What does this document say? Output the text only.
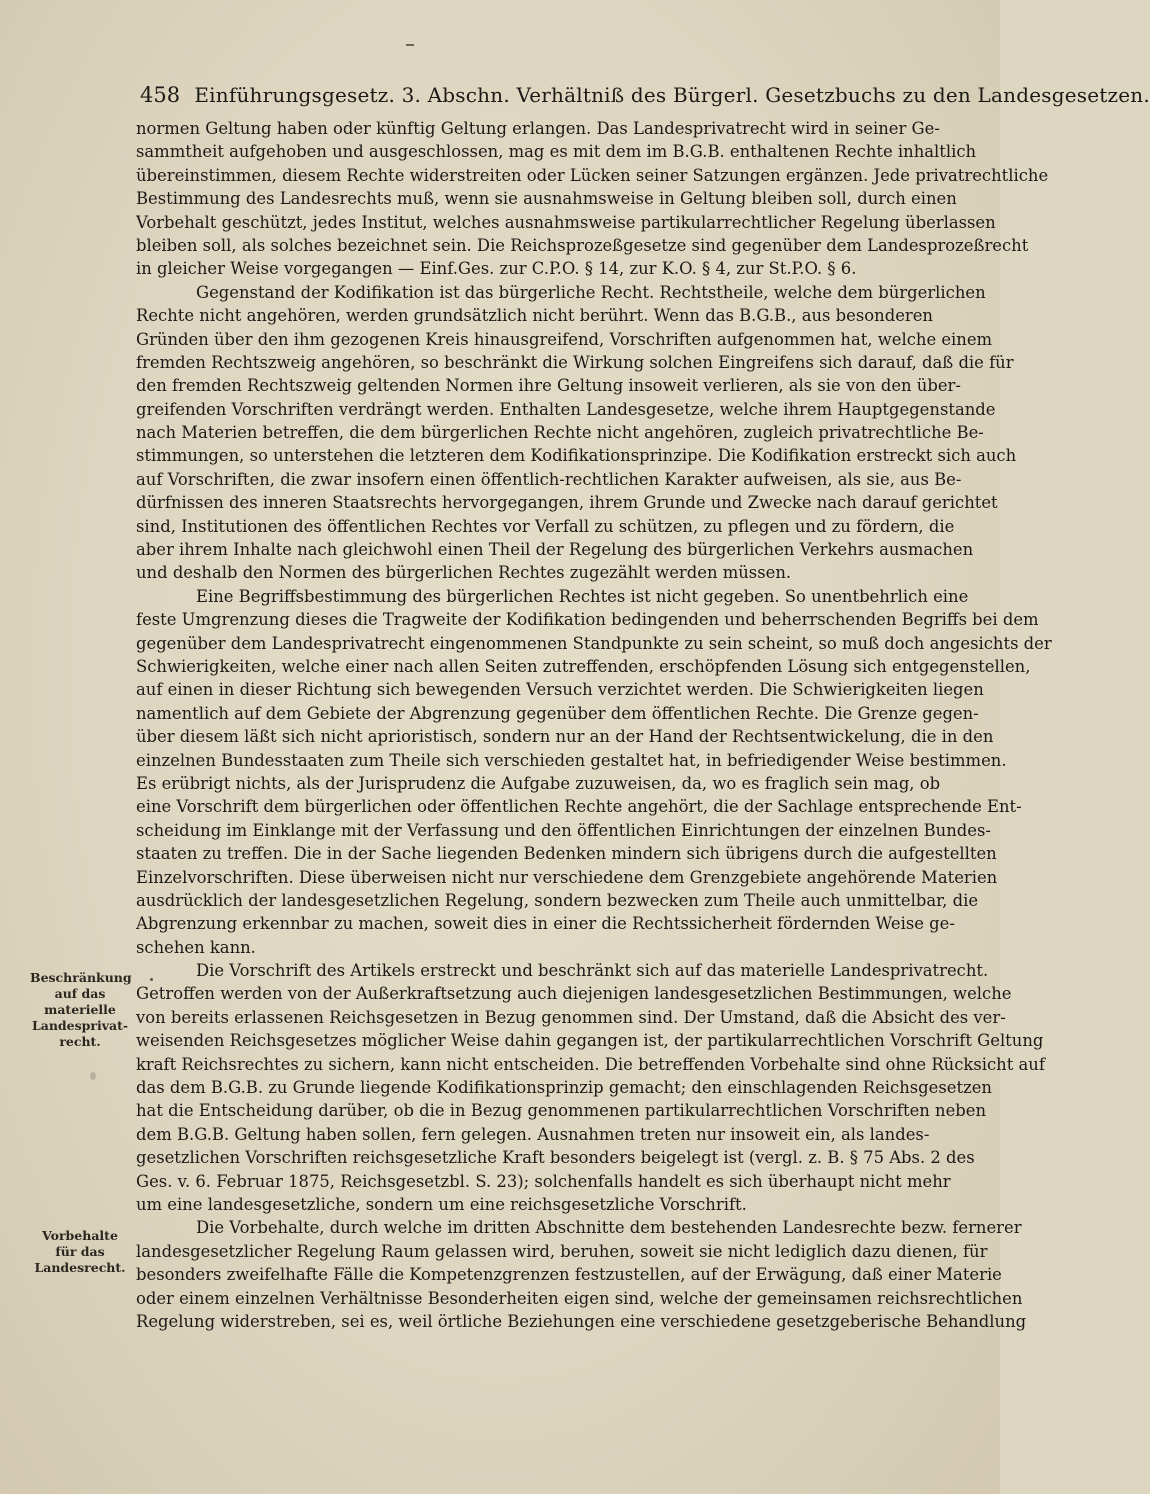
458 Einführungsgesetz. 3. Abschn. Verhältniß des Bürgerl. Gesetzbuchs zu den Landesgesetzen.
normen Geltung haben oder künftig Geltung erlangen. Das Landesprivatrecht wird in seiner Ge-
sammtheit aufgehoben und ausgeschlossen, mag es mit dem im B.G.B. enthaltenen Rechte inhaltlich
übereinstimmen, diesem Rechte widerstreiten oder Lücken seiner Satzungen ergänzen. Jede privatrechtliche
Bestimmung des Landesrechts muß, wenn sie ausnahmsweise in Geltung bleiben soll, durch einen
Vorbehalt geschützt, jedes Institut, welches ausnahmsweise partikularrechtlicher Regelung überlassen
bleiben soll, als solches bezeichnet sein. Die Reichsprozeßgesetze sind gegenüber dem Landesprozeßrecht
in gleicher Weise vorgegangen — Einf.Ges. zur C.P.O. § 14, zur K.O. § 4, zur St.P.O. § 6.
Gegenstand der Kodifikation ist das bürgerliche Recht. Rechtstheile, welche dem bürgerlichen
Rechte nicht angehören, werden grundsätzlich nicht berührt. Wenn das B.G.B., aus besonderen
Gründen über den ihm gezogenen Kreis hinausgreifend, Vorschriften aufgenommen hat, welche einem
fremden Rechtszweig angehören, so beschränkt die Wirkung solchen Eingreifens sich darauf, daß die für
den fremden Rechtszweig geltenden Normen ihre Geltung insoweit verlieren, als sie von den über-
greifenden Vorschriften verdrängt werden. Enthalten Landesgesetze, welche ihrem Hauptgegenstande
nach Materien betreffen, die dem bürgerlichen Rechte nicht angehören, zugleich privatrechtliche Be-
stimmungen, so unterstehen die letzteren dem Kodifikationsprinzipe. Die Kodifikation erstreckt sich auch
auf Vorschriften, die zwar insofern einen öffentlich-rechtlichen Karakter aufweisen, als sie, aus Be-
dürfnissen des inneren Staatsrechts hervorgegangen, ihrem Grunde und Zwecke nach darauf gerichtet
sind, Institutionen des öffentlichen Rechtes vor Verfall zu schützen, zu pflegen und zu fördern, die
aber ihrem Inhalte nach gleichwohl einen Theil der Regelung des bürgerlichen Verkehrs ausmachen
und deshalb den Normen des bürgerlichen Rechtes zugezählt werden müssen.
Eine Begriffsbestimmung des bürgerlichen Rechtes ist nicht gegeben. So unentbehrlich eine
feste Umgrenzung dieses die Tragweite der Kodifikation bedingenden und beherrschenden Begriffs bei dem
gegenüber dem Landesprivatrecht eingenommenen Standpunkte zu sein scheint, so muß doch angesichts der
Schwierigkeiten, welche einer nach allen Seiten zutreffenden, erschöpfenden Lösung sich entgegenstellen,
auf einen in dieser Richtung sich bewegenden Versuch verzichtet werden. Die Schwierigkeiten liegen
namentlich auf dem Gebiete der Abgrenzung gegenüber dem öffentlichen Rechte. Die Grenze gegen-
über diesem läßt sich nicht aprioristisch, sondern nur an der Hand der Rechtsentwickelung, die in den
einzelnen Bundesstaaten zum Theile sich verschieden gestaltet hat, in befriedigender Weise bestimmen.
Es erübrigt nichts, als der Jurisprudenz die Aufgabe zuzuweisen, da, wo es fraglich sein mag, ob
eine Vorschrift dem bürgerlichen oder öffentlichen Rechte angehört, die der Sachlage entsprechende Ent-
scheidung im Einklange mit der Verfassung und den öffentlichen Einrichtungen der einzelnen Bundes-
staaten zu treffen. Die in der Sache liegenden Bedenken mindern sich übrigens durch die aufgestellten
Einzelvorschriften. Diese überweisen nicht nur verschiedene dem Grenzgebiete angehörende Materien
ausdrücklich der landesgesetzlichen Regelung, sondern bezwecken zum Theile auch unmittelbar, die
Abgrenzung erkennbar zu machen, soweit dies in einer die Rechtssicherheit fördernden Weise ge-
schehen kann.
Die Vorschrift des Artikels erstreckt und beschränkt sich auf das materielle Landesprivatrecht.
Getroffen werden von der Außerkraftsetzung auch diejenigen landesgesetzlichen Bestimmungen, welche
von bereits erlassenen Reichsgesetzen in Bezug genommen sind. Der Umstand, daß die Absicht des ver-
weisenden Reichsgesetzes möglicher Weise dahin gegangen ist, der partikularrechtlichen Vorschrift Geltung
kraft Reichsrechtes zu sichern, kann nicht entscheiden. Die betreffenden Vorbehalte sind ohne Rücksicht auf
das dem B.G.B. zu Grunde liegende Kodifikationsprinzip gemacht; den einschlagenden Reichsgesetzen
hat die Entscheidung darüber, ob die in Bezug genommenen partikularrechtlichen Vorschriften neben
dem B.G.B. Geltung haben sollen, fern gelegen. Ausnahmen treten nur insoweit ein, als landes-
gesetzlichen Vorschriften reichsgesetzliche Kraft besonders beigelegt ist (vergl. z. B. § 75 Abs. 2 des
Ges. v. 6. Februar 1875, Reichsgesetzbl. S. 23); solchenfalls handelt es sich überhaupt nicht mehr
um eine landesgesetzliche, sondern um eine reichsgesetzliche Vorschrift.
Die Vorbehalte, durch welche im dritten Abschnitte dem bestehenden Landesrechte bezw. fernerer
landesgesetzlicher Regelung Raum gelassen wird, beruhen, soweit sie nicht lediglich dazu dienen, für
besonders zweifelhafte Fälle die Kompetenzgrenzen festzustellen, auf der Erwägung, daß einer Materie
oder einem einzelnen Verhältnisse Besonderheiten eigen sind, welche der gemeinsamen reichsrechtlichen
Regelung widerstreben, sei es, weil örtliche Beziehungen eine verschiedene gesetzgeberische Behandlung
Beschränkung
auf das
materielle
Landesprivat-
recht.
Vorbehalte
für das
Landesrecht.
